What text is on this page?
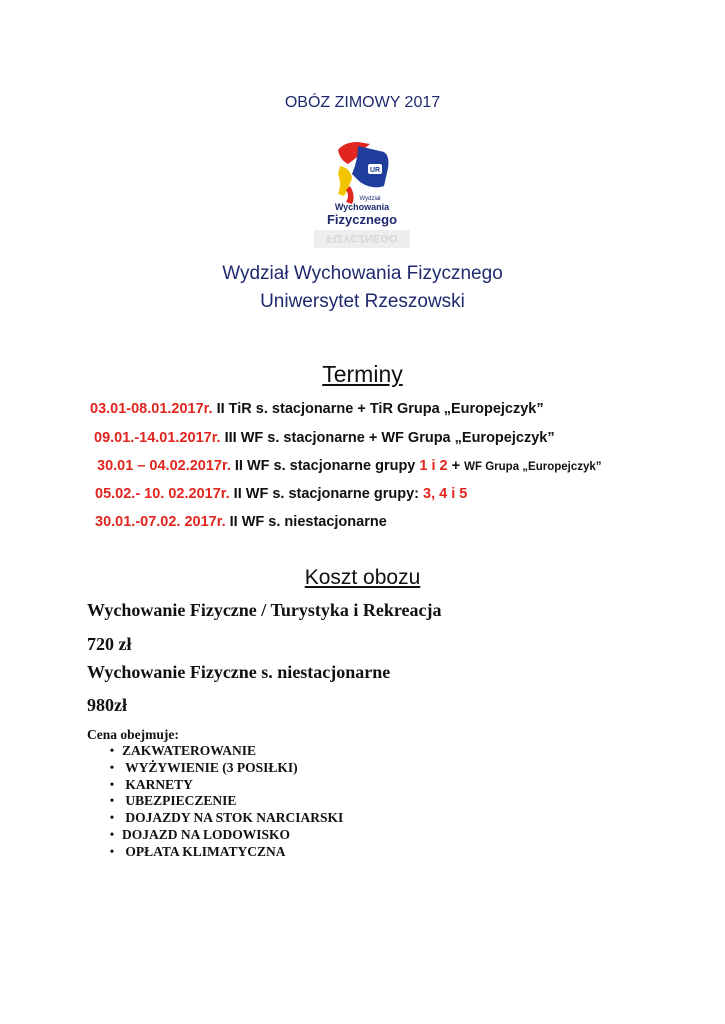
OBÓZ ZIMOWY 2017
UR
Wydział
Wychowania
Fizycznego
FIZYCZNEGO
Wydział Wychowania Fizycznego
Uniwersytet Rzeszowski
Terminy
03.01-08.01.2017r. II TiR s. stacjonarne + TiR Grupa „Europejczyk”
09.01.-14.01.2017r. III WF s. stacjonarne + WF Grupa „Europejczyk”
30.01 – 04.02.2017r. II WF s. stacjonarne grupy 1 i 2 + WF Grupa „Europejczyk”
05.02.- 10. 02.2017r. II WF s. stacjonarne grupy: 3, 4 i 5
30.01.-07.02. 2017r. II WF s. niestacjonarne
Koszt obozu
Wychowanie Fizyczne / Turystyka i Rekreacja
720 zł
Wychowanie Fizyczne s. niestacjonarne
980zł
Cena obejmuje:
• ZAKWATEROWANIE
• WYŻYWIENIE (3 POSIŁKI)
• KARNETY
• UBEZPIECZENIE
• DOJAZDY NA STOK NARCIARSKI
• DOJAZD NA LODOWISKO
• OPŁATA KLIMATYCZNA
